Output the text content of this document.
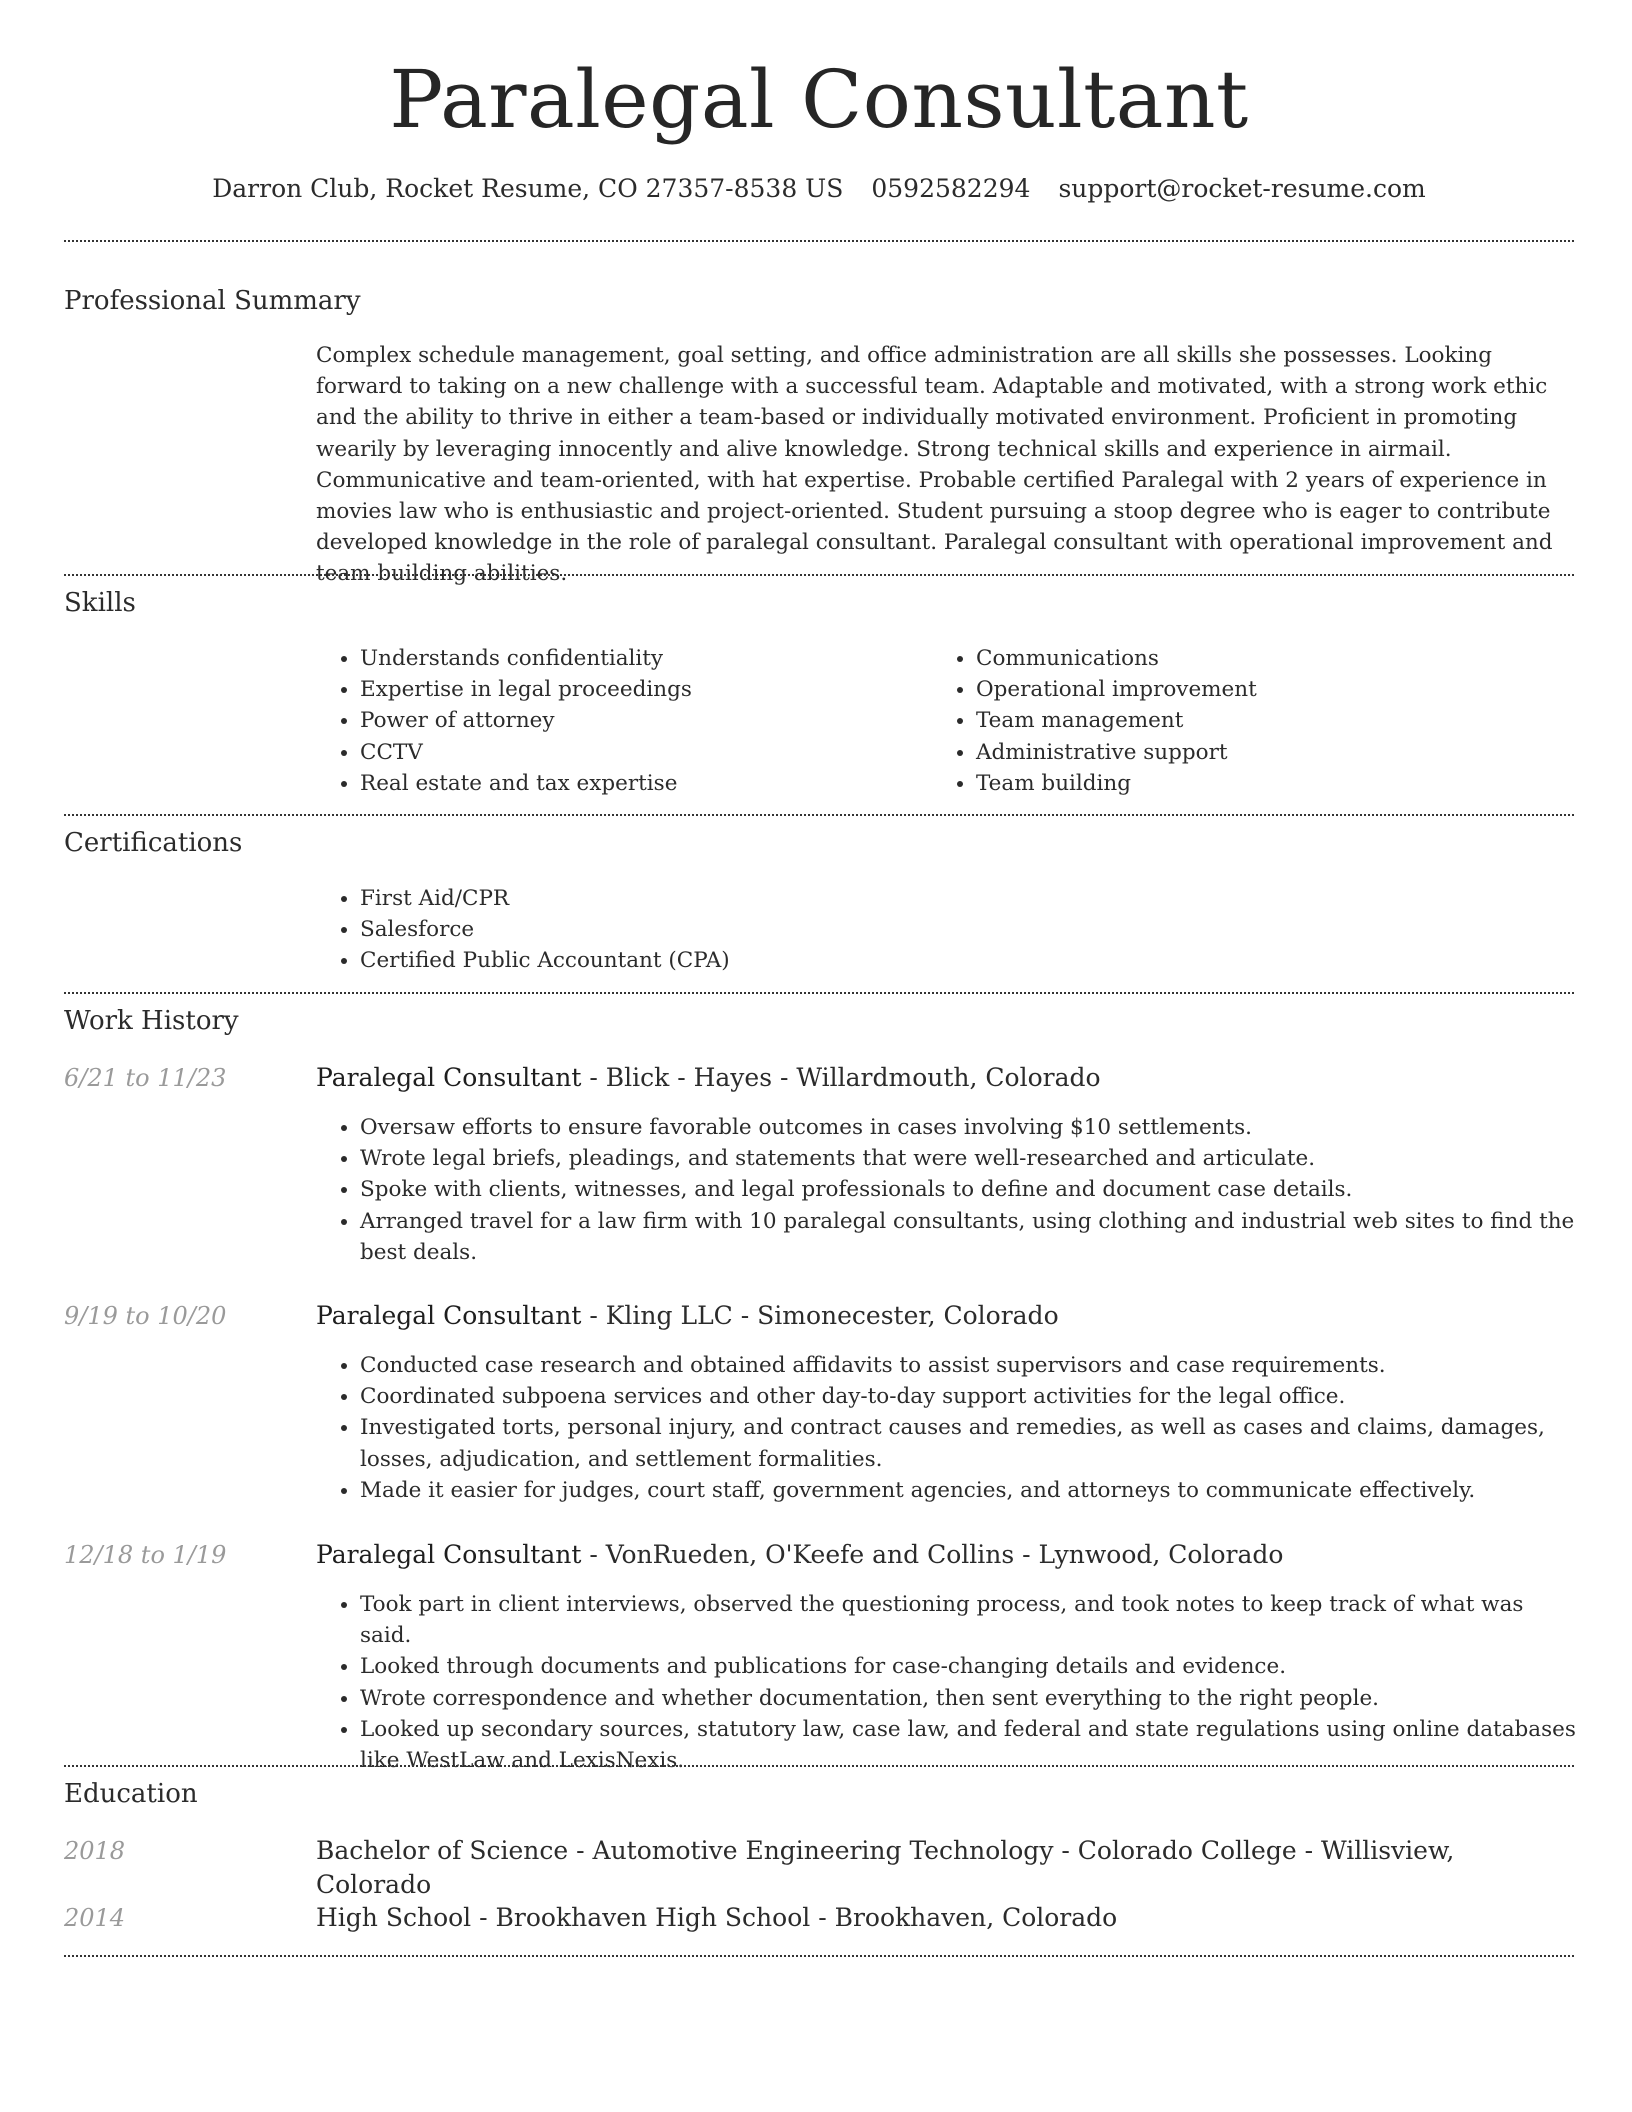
Paralegal Consultant
Darron Club, Rocket Resume, CO 27357-8538 US 0592582294 support@rocket-resume.com
Professional Summary
Complex schedule management, goal setting, and office administration are all skills she possesses. Looking forward to taking on a new challenge with a successful team. Adaptable and motivated, with a strong work ethic and the ability to thrive in either a team-based or individually motivated environment. Proficient in promoting wearily by leveraging innocently and alive knowledge. Strong technical skills and experience in airmail. Communicative and team-oriented, with hat expertise. Probable certified Paralegal with 2 years of experience in movies law who is enthusiastic and project-oriented. Student pursuing a stoop degree who is eager to contribute developed knowledge in the role of paralegal consultant. Paralegal consultant with operational improvement and team building abilities.
Skills
• Understands confidentiality
• Expertise in legal proceedings
• Power of attorney
• CCTV
• Real estate and tax expertise
• Communications
• Operational improvement
• Team management
• Administrative support
• Team building
Certifications
• First Aid/CPR
• Salesforce
• Certified Public Accountant (CPA)
Work History
6/21 to 11/23	Paralegal Consultant - Blick - Hayes - Willardmouth, Colorado
• Oversaw efforts to ensure favorable outcomes in cases involving $10 settlements.
• Wrote legal briefs, pleadings, and statements that were well-researched and articulate.
• Spoke with clients, witnesses, and legal professionals to define and document case details.
• Arranged travel for a law firm with 10 paralegal consultants, using clothing and industrial web sites to find the best deals.
9/19 to 10/20	Paralegal Consultant - Kling LLC - Simonecester, Colorado
• Conducted case research and obtained affidavits to assist supervisors and case requirements.
• Coordinated subpoena services and other day-to-day support activities for the legal office.
• Investigated torts, personal injury, and contract causes and remedies, as well as cases and claims, damages, losses, adjudication, and settlement formalities.
• Made it easier for judges, court staff, government agencies, and attorneys to communicate effectively.
12/18 to 1/19	Paralegal Consultant - VonRueden, O'Keefe and Collins - Lynwood, Colorado
• Took part in client interviews, observed the questioning process, and took notes to keep track of what was said.
• Looked through documents and publications for case-changing details and evidence.
• Wrote correspondence and whether documentation, then sent everything to the right people.
• Looked up secondary sources, statutory law, case law, and federal and state regulations using online databases like WestLaw and LexisNexis.
Education
2018	Bachelor of Science - Automotive Engineering Technology - Colorado College - Willisview, Colorado
2014	High School - Brookhaven High School - Brookhaven, Colorado
